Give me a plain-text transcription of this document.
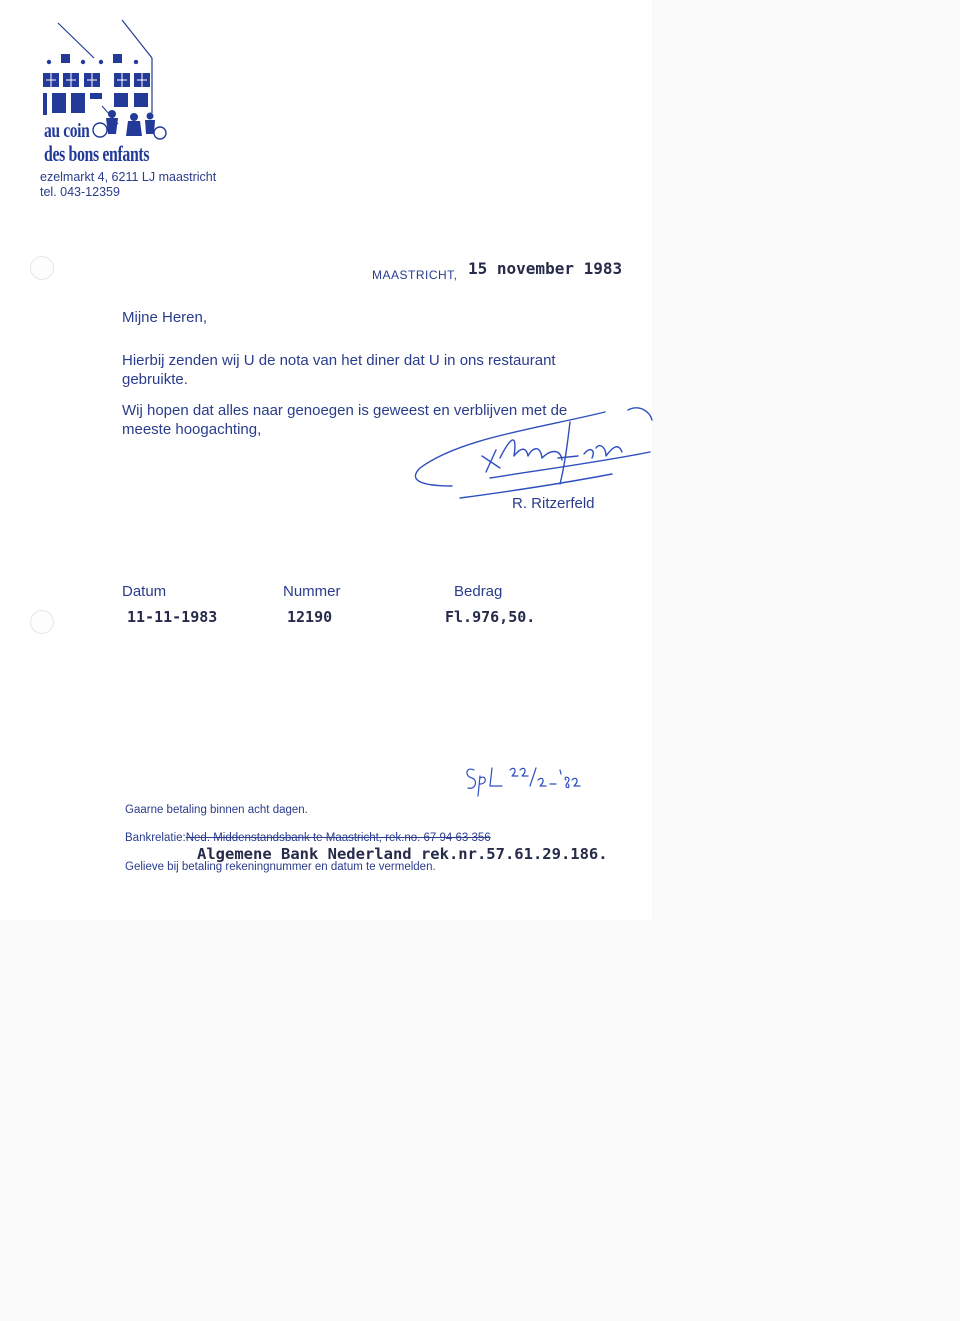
au coin
des bons enfants
ezelmarkt 4, 6211 LJ maastricht
tel. 043-12359
MAASTRICHT, 15 november 1983
Mijne Heren,
Hierbij zenden wij U de nota van het diner dat U in ons restaurant
gebruikte.
Wij hopen dat alles naar genoegen is geweest en verblijven met de
meeste hoogachting,
R. Ritzerfeld
Datum	Nummer	Bedrag
11-11-1983	12190	Fl.976,50.
Gaarne betaling binnen acht dagen.
Bankrelatie:Ned. Middenstandsbank te Maastricht, rek.no. 67 94 63 356
Algemene Bank Nederland rek.nr.57.61.29.186.
Gelieve bij betaling rekeningnummer en datum te vermelden.
